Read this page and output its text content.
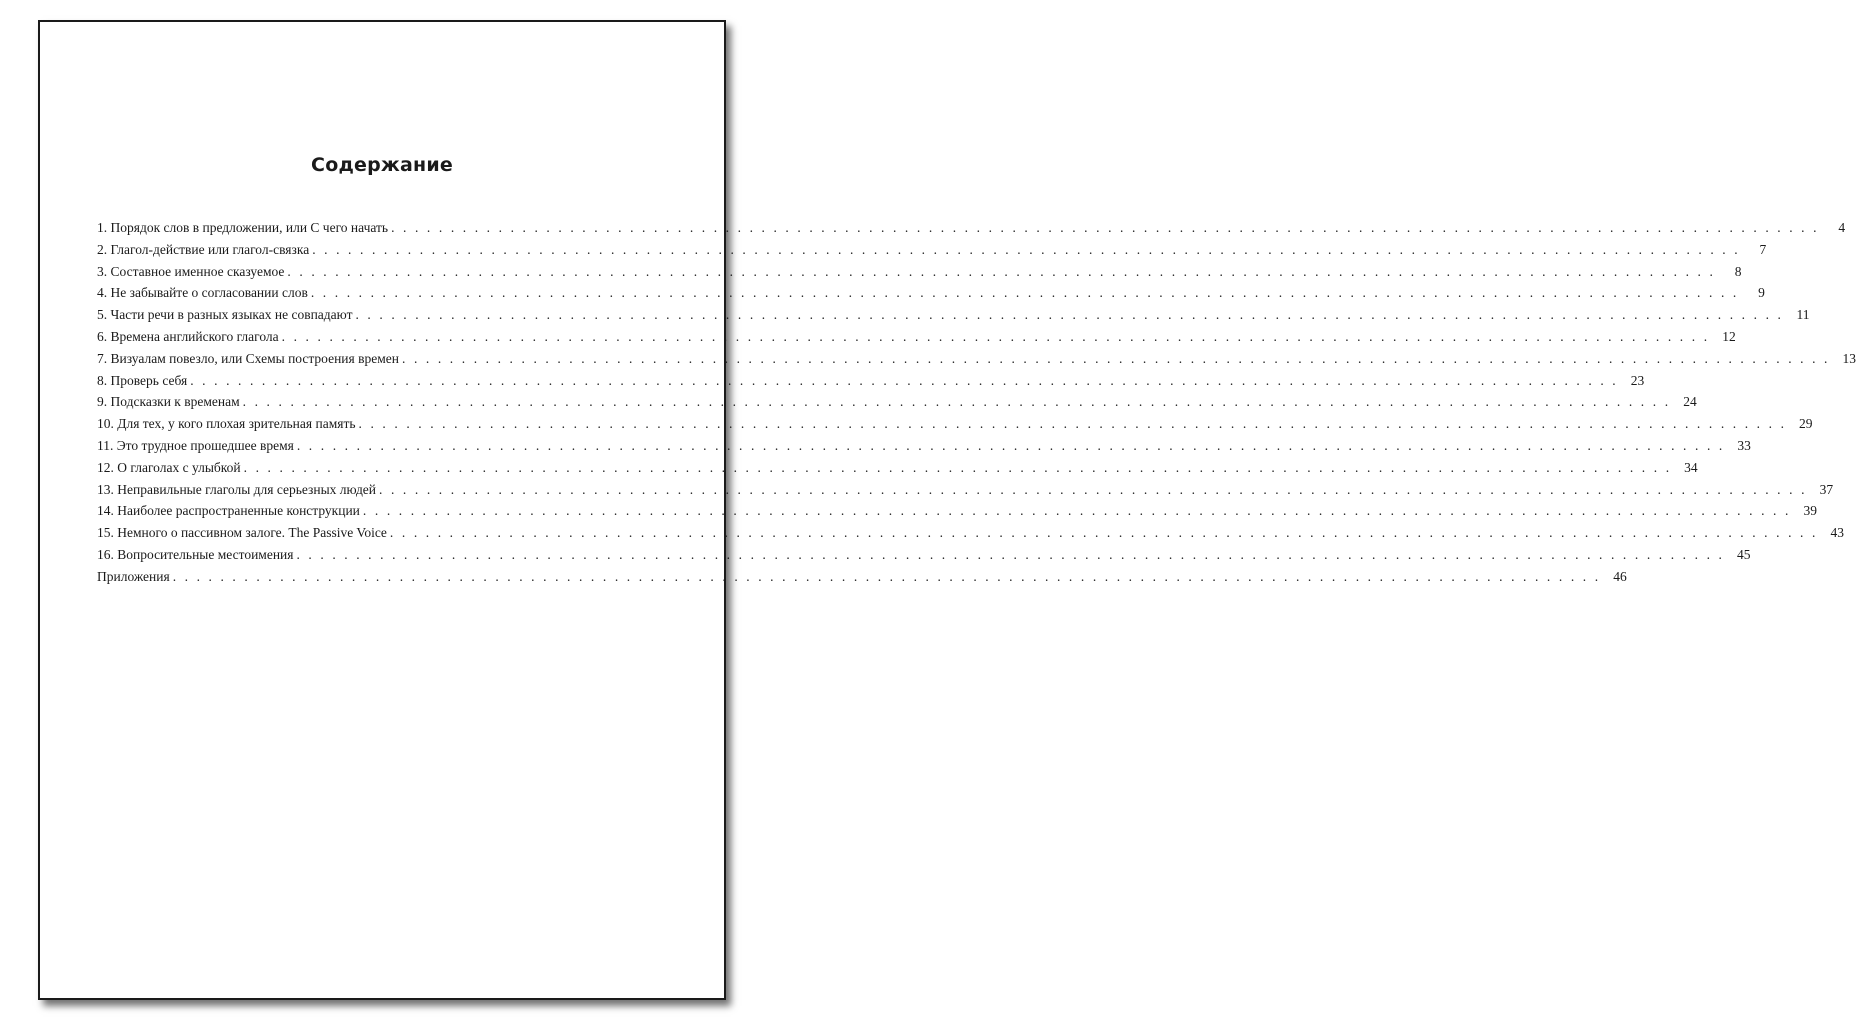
Содержание
1. Порядок слов в предложении, или С чего начать . . . . . . . . . . . . . . . . . . . . . . . . . . . . . . . . . . . . . . . . . . . . . . . . . . . . . . . . . . . . . . . . . . . . . . . . . . . . . . . . . . . . . . . . . . . . . . . . . . . . . . . . . . . . . . . . . . . . . . . .	4
2. Глагол-действие или глагол-связка . . . . . . . . . . . . . . . . . . . . . . . . . . . . . . . . . . . . . . . . . . . . . . . . . . . . . . . . . . . . . . . . . . . . . . . . . . . . . . . . . . . . . . . . . . . . . . . . . . . . . . . . . . . . . . . . . . . . . . . .	7
3. Составное именное сказуемое . . . . . . . . . . . . . . . . . . . . . . . . . . . . . . . . . . . . . . . . . . . . . . . . . . . . . . . . . . . . . . . . . . . . . . . . . . . . . . . . . . . . . . . . . . . . . . . . . . . . . . . . . . . . . . . . . . . . . . . .	8
4. Не забывайте о согласовании слов . . . . . . . . . . . . . . . . . . . . . . . . . . . . . . . . . . . . . . . . . . . . . . . . . . . . . . . . . . . . . . . . . . . . . . . . . . . . . . . . . . . . . . . . . . . . . . . . . . . . . . . . . . . . . . . . . . . . . . . .	9
5. Части речи в разных языках не совпадают . . . . . . . . . . . . . . . . . . . . . . . . . . . . . . . . . . . . . . . . . . . . . . . . . . . . . . . . . . . . . . . . . . . . . . . . . . . . . . . . . . . . . . . . . . . . . . . . . . . . . . . . . . . . . . . . . . . . . . . . 11
6. Времена английского глагола . . . . . . . . . . . . . . . . . . . . . . . . . . . . . . . . . . . . . . . . . . . . . . . . . . . . . . . . . . . . . . . . . . . . . . . . . . . . . . . . . . . . . . . . . . . . . . . . . . . . . . . . . . . . . . . . . . . . . . . . 12
7. Визуалам повезло, или Схемы построения времен . . . . . . . . . . . . . . . . . . . . . . . . . . . . . . . . . . . . . . . . . . . . . . . . . . . . . . . . . . . . . . . . . . . . . . . . . . . . . . . . . . . . . . . . . . . . . . . . . . . . . . . . . . . . . . . . . . . . . . . . 13
8. Проверь себя . . . . . . . . . . . . . . . . . . . . . . . . . . . . . . . . . . . . . . . . . . . . . . . . . . . . . . . . . . . . . . . . . . . . . . . . . . . . . . . . . . . . . . . . . . . . . . . . . . . . . . . . . . . . . . . . . . . . . . . . 23
9. Подсказки к временам . . . . . . . . . . . . . . . . . . . . . . . . . . . . . . . . . . . . . . . . . . . . . . . . . . . . . . . . . . . . . . . . . . . . . . . . . . . . . . . . . . . . . . . . . . . . . . . . . . . . . . . . . . . . . . . . . . . . . . . . 24
10. Для тех, у кого плохая зрительная память . . . . . . . . . . . . . . . . . . . . . . . . . . . . . . . . . . . . . . . . . . . . . . . . . . . . . . . . . . . . . . . . . . . . . . . . . . . . . . . . . . . . . . . . . . . . . . . . . . . . . . . . . . . . . . . . . . . . . . . . 29
11. Это трудное прошедшее время . . . . . . . . . . . . . . . . . . . . . . . . . . . . . . . . . . . . . . . . . . . . . . . . . . . . . . . . . . . . . . . . . . . . . . . . . . . . . . . . . . . . . . . . . . . . . . . . . . . . . . . . . . . . . . . . . . . . . . . . 33
12. О глаголах с улыбкой . . . . . . . . . . . . . . . . . . . . . . . . . . . . . . . . . . . . . . . . . . . . . . . . . . . . . . . . . . . . . . . . . . . . . . . . . . . . . . . . . . . . . . . . . . . . . . . . . . . . . . . . . . . . . . . . . . . . . . . . 34
13. Неправильные глаголы для серьезных людей . . . . . . . . . . . . . . . . . . . . . . . . . . . . . . . . . . . . . . . . . . . . . . . . . . . . . . . . . . . . . . . . . . . . . . . . . . . . . . . . . . . . . . . . . . . . . . . . . . . . . . . . . . . . . . . . . . . . . . . . 37
14. Наиболее распространенные конструкции . . . . . . . . . . . . . . . . . . . . . . . . . . . . . . . . . . . . . . . . . . . . . . . . . . . . . . . . . . . . . . . . . . . . . . . . . . . . . . . . . . . . . . . . . . . . . . . . . . . . . . . . . . . . . . . . . . . . . . . . 39
15. Немного о пассивном залоге. The Passive Voice . . . . . . . . . . . . . . . . . . . . . . . . . . . . . . . . . . . . . . . . . . . . . . . . . . . . . . . . . . . . . . . . . . . . . . . . . . . . . . . . . . . . . . . . . . . . . . . . . . . . . . . . . . . . . . . . . . . . . . . . 43
16. Вопросительные местоимения . . . . . . . . . . . . . . . . . . . . . . . . . . . . . . . . . . . . . . . . . . . . . . . . . . . . . . . . . . . . . . . . . . . . . . . . . . . . . . . . . . . . . . . . . . . . . . . . . . . . . . . . . . . . . . . . . . . . . . . . 45
Приложения . . . . . . . . . . . . . . . . . . . . . . . . . . . . . . . . . . . . . . . . . . . . . . . . . . . . . . . . . . . . . . . . . . . . . . . . . . . . . . . . . . . . . . . . . . . . . . . . . . . . . . . . . . . . . . . . . . . . . . . . 46
